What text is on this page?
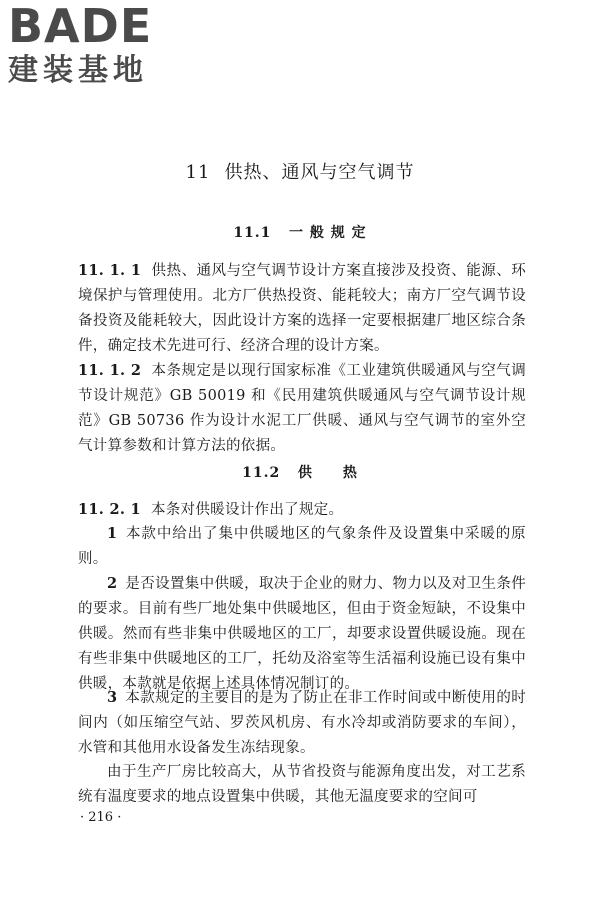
BADE
建装基地
11 供热、通风与空气调节
11.1 一 般 规 定
11. 1. 1 供热、通风与空气调节设计方案直接涉及投资、能源、环境保护与管理使用。北方厂供热投资、能耗较大；南方厂空气调节设备投资及能耗较大，因此设计方案的选择一定要根据建厂地区综合条件，确定技术先进可行、经济合理的设计方案。
11. 1. 2 本条规定是以现行国家标准《工业建筑供暖通风与空气调节设计规范》GB 50019 和《民用建筑供暖通风与空气调节设计规范》GB 50736 作为设计水泥工厂供暖、通风与空气调节的室外空气计算参数和计算方法的依据。
11.2 供　　热
11. 2. 1 本条对供暖设计作出了规定。
1 本款中给出了集中供暖地区的气象条件及设置集中采暖的原则。
2 是否设置集中供暖，取决于企业的财力、物力以及对卫生条件的要求。目前有些厂地处集中供暖地区，但由于资金短缺，不设集中供暖。然而有些非集中供暖地区的工厂，却要求设置供暖设施。现在有些非集中供暖地区的工厂，托幼及浴室等生活福利设施已设有集中供暖，本款就是依据上述具体情况制订的。
3 本款规定的主要目的是为了防止在非工作时间或中断使用的时间内（如压缩空气站、罗茨风机房、有水冷却或消防要求的车间），水管和其他用水设备发生冻结现象。
由于生产厂房比较高大，从节省投资与能源角度出发，对工艺系统有温度要求的地点设置集中供暖，其他无温度要求的空间可
· 216 ·
